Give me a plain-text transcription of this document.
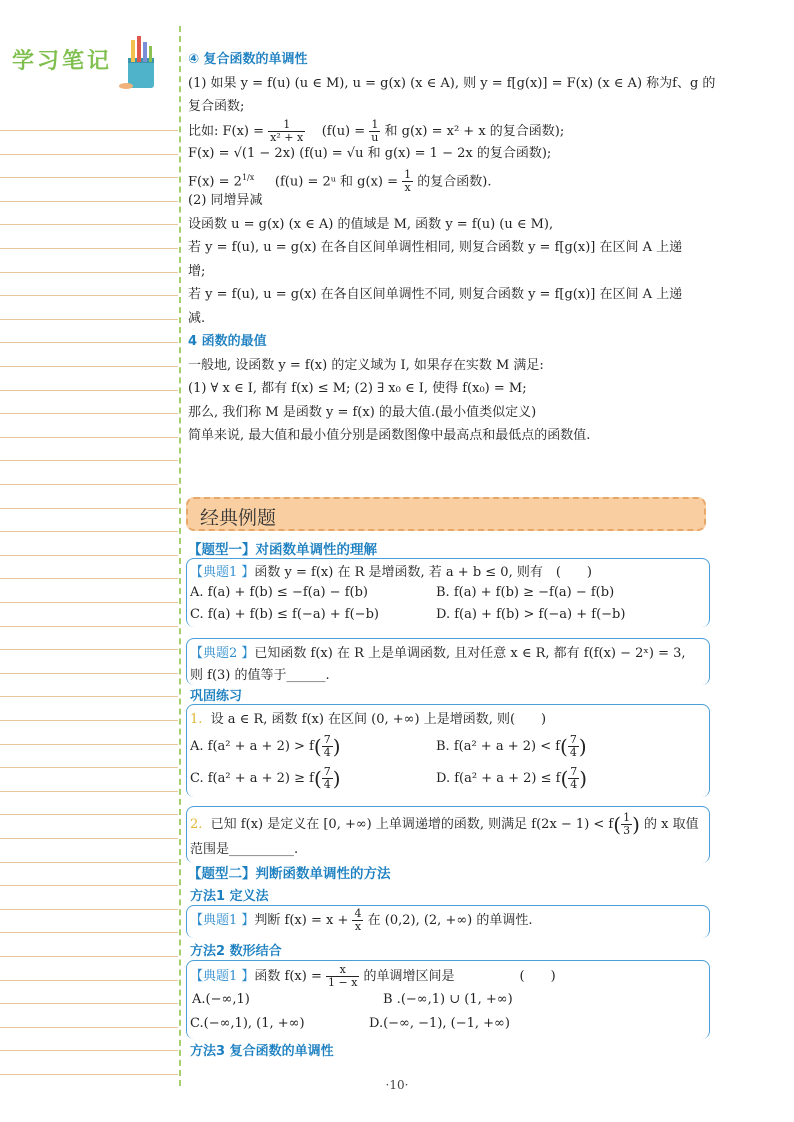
学习笔记	④ 复合函数的单调性
(1) 如果 y = f(u) (u ∈ M), u = g(x) (x ∈ A), 则 y = f[g(x)] = F(x) (x ∈ A) 称为f、g 的
复合函数;
比如: $F(x) = \frac{1}{\text{x² + x}} (f(u) = \frac{1}{u}$ 和 g(x) = x² + x 的复合函数);
F(x) = √(1 − 2x) (f(u) = √u 和 g(x) = 1 − 2x 的复合函数);
$F(x) = 2^{1/x}$ (f(u) = 2ᵘ 和 $g(x) = \frac{1}{x}$ 的复合函数).
(2) 同增异减
设函数 u = g(x) (x ∈ A) 的值域是 M, 函数 y = f(u) (u ∈ M),
若 y = f(u), u = g(x) 在各自区间单调性相同, 则复合函数 y = f[g(x)] 在区间 A 上递
增;
若 y = f(u), u = g(x) 在各自区间单调性不同, 则复合函数 y = f[g(x)] 在区间 A 上递
减.
4 函数的最值
一般地, 设函数 y = f(x) 的定义域为 I, 如果存在实数 M 满足:
(1) ∀ x ∈ I, 都有 f(x) ≤ M; (2) ∃ x₀ ∈ I, 使得 f(x₀) = M;
那么, 我们称 M 是函数 y = f(x) 的最大值.(最小值类似定义)
简单来说, 最大值和最小值分别是函数图像中最高点和最低点的函数值.
经典例题
【题型一】对函数单调性的理解
【典题1 】函数 y = f(x) 在 R 是增函数, 若 a + b ≤ 0, 则有　(　　)
A. f(a) + f(b) ≤ −f(a) − f(b)	B. f(a) + f(b) ≥ −f(a) − f(b)
C. f(a) + f(b) ≤ f(−a) + f(−b)	D. f(a) + f(b) > f(−a) + f(−b)
【典题2 】已知函数 f(x) 在 R 上是单调函数, 且对任意 x ∈ R, 都有 f(f(x) − 2ˣ) = 3,
则 f(3) 的值等于______.
巩固练习
1. 设 a ∈ R, 函数 f(x) 在区间 (0, +∞) 上是增函数, 则(　　)
A. $f(a^2 + a + 2) > f( \frac{7}{4}$ )	B. $f(a^2 + a + 2) < f( \frac{7}{4}$ )
C. $f(a^2 + a + 2) \ge f( \frac{7}{4}$ )	D. $f(a^2 + a + 2) \le f( \frac{7}{4}$ )
2. 已知 f(x) 是定义在 [0, +∞) 上单调递增的函数, 则满足 $f(2x - 1) < f( \frac{1}{3}$ ) 的 x 取值
范围是__________.
【题型二】判断函数单调性的方法
方法1 定义法
【典题1 】判断 $f(x) = x + \frac{4}{x}$ 在 (0,2), (2, +∞) 的单调性.
方法2 数形结合
【典题1 】函数 $f(x) = \frac{x}{1 - x}$ 的单调增区间是　　　　　(　　)
A.(−∞,1)	B .(−∞,1) ∪ (1, +∞)
C.(−∞,1), (1, +∞)	D.(−∞, −1), (−1, +∞)
方法3 复合函数的单调性
·10·
